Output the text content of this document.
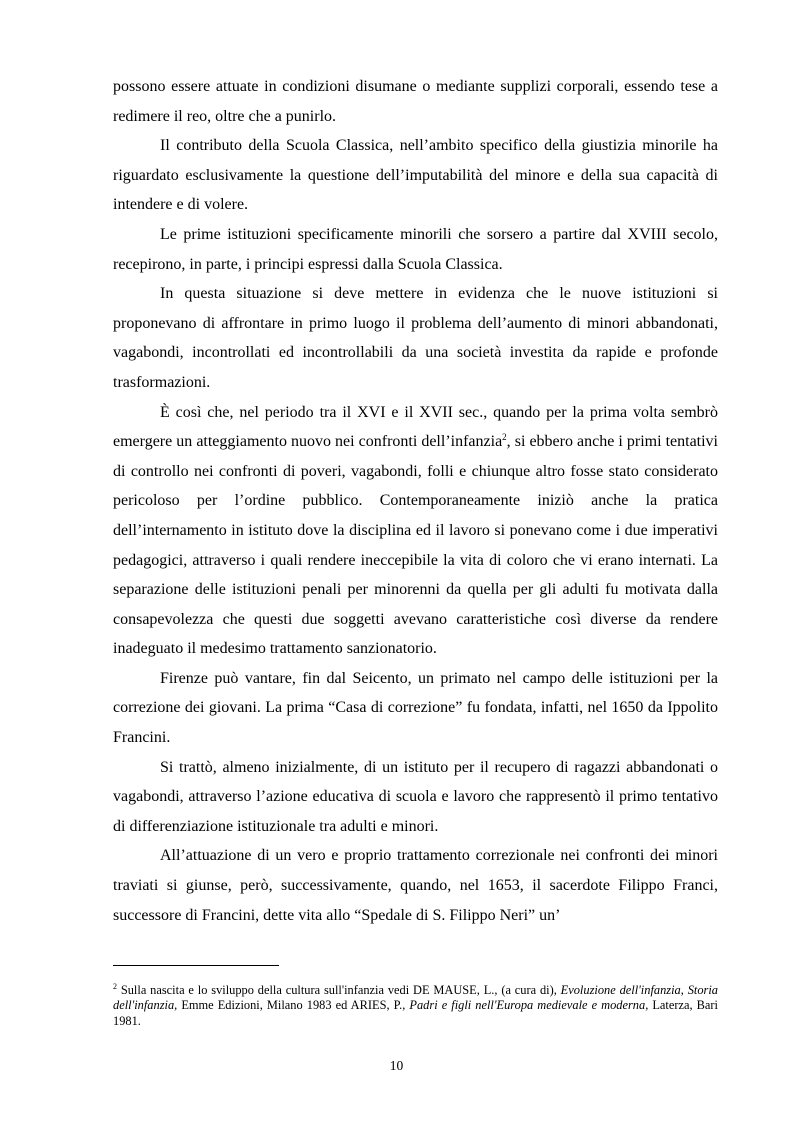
possono essere attuate in condizioni disumane o mediante supplizi corporali, essendo tese a redimere il reo, oltre che a punirlo.

Il contributo della Scuola Classica, nell’ambito specifico della giustizia minorile ha riguardato esclusivamente la questione dell’imputabilità del minore e della sua capacità di intendere e di volere.

Le prime istituzioni specificamente minorili che sorsero a partire dal XVIII secolo, recepirono, in parte, i principi espressi dalla Scuola Classica.

In questa situazione si deve mettere in evidenza che le nuove istituzioni si proponevano di affrontare in primo luogo il problema dell’aumento di minori abbandonati, vagabondi, incontrollati ed incontrollabili da una società investita da rapide e profonde trasformazioni.

È così che, nel periodo tra il XVI e il XVII sec., quando per la prima volta sembrò emergere un atteggiamento nuovo nei confronti dell’infanzia$^2$, si ebbero anche i primi tentativi di controllo nei confronti di poveri, vagabondi, folli e chiunque altro fosse stato considerato pericoloso per l’ordine pubblico. Contemporaneamente iniziò anche la pratica dell’internamento in istituto dove la disciplina ed il lavoro si ponevano come i due imperativi pedagogici, attraverso i quali rendere ineccepibile la vita di coloro che vi erano internati. La separazione delle istituzioni penali per minorenni da quella per gli adulti fu motivata dalla consapevolezza che questi due soggetti avevano caratteristiche così diverse da rendere inadeguato il medesimo trattamento sanzionatorio.

Firenze può vantare, fin dal Seicento, un primato nel campo delle istituzioni per la correzione dei giovani. La prima “Casa di correzione” fu fondata, infatti, nel 1650 da Ippolito Francini.

Si trattò, almeno inizialmente, di un istituto per il recupero di ragazzi abbandonati o vagabondi, attraverso l’azione educativa di scuola e lavoro che rappresentò il primo tentativo di differenziazione istituzionale tra adulti e minori.

All’attuazione di un vero e proprio trattamento correzionale nei confronti dei minori traviati si giunse, però, successivamente, quando, nel 1653, il sacerdote Filippo Franci, successore di Francini, dette vita allo “Spedale di S. Filippo Neri” un’

$^2$ Sulla nascita e lo sviluppo della cultura sull'infanzia vedi DE MAUSE, L., (a cura di), Evoluzione dell'infanzia, Storia dell'infanzia, Emme Edizioni, Milano 1983 ed ARIES, P., Padri e figli nell'Europa medievale e moderna, Laterza, Bari 1981.

10
